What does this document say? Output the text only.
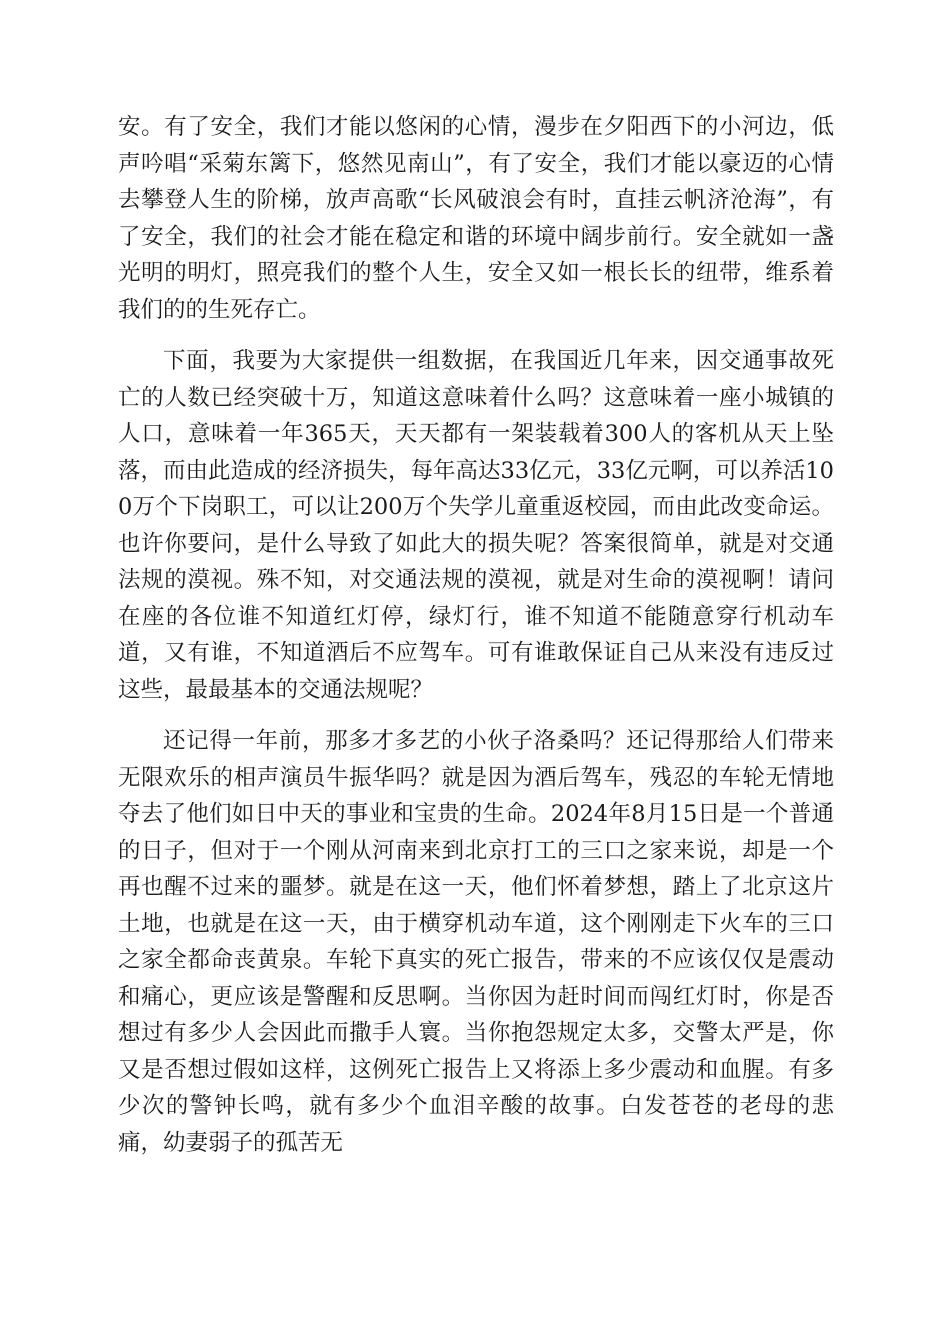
安。有了安全，我们才能以悠闲的心情，漫步在夕阳西下的小河边，低声吟唱“采菊东篱下，悠然见南山”，有了安全，我们才能以豪迈的心情去攀登人生的阶梯，放声高歌“长风破浪会有时，直挂云帆济沧海”，有了安全，我们的社会才能在稳定和谐的环境中阔步前行。安全就如一盏光明的明灯，照亮我们的整个人生，安全又如一根长长的纽带，维系着我们的的生死存亡。

下面，我要为大家提供一组数据，在我国近几年来，因交通事故死亡的人数已经突破十万，知道这意味着什么吗？这意味着一座小城镇的人口，意味着一年365天，天天都有一架装载着300人的客机从天上坠落，而由此造成的经济损失，每年高达33亿元，33亿元啊，可以养活100万个下岗职工，可以让200万个失学儿童重返校园，而由此改变命运。也许你要问，是什么导致了如此大的损失呢？答案很简单，就是对交通法规的漠视。殊不知，对交通法规的漠视，就是对生命的漠视啊！请问在座的各位谁不知道红灯停，绿灯行，谁不知道不能随意穿行机动车道，又有谁，不知道酒后不应驾车。可有谁敢保证自己从来没有违反过这些，最最基本的交通法规呢？

还记得一年前，那多才多艺的小伙子洛桑吗？还记得那给人们带来无限欢乐的相声演员牛振华吗？就是因为酒后驾车，残忍的车轮无情地夺去了他们如日中天的事业和宝贵的生命。2024年8月15日是一个普通的日子，但对于一个刚从河南来到北京打工的三口之家来说，却是一个再也醒不过来的噩梦。就是在这一天，他们怀着梦想，踏上了北京这片土地，也就是在这一天，由于横穿机动车道，这个刚刚走下火车的三口之家全都命丧黄泉。车轮下真实的死亡报告，带来的不应该仅仅是震动和痛心，更应该是警醒和反思啊。当你因为赶时间而闯红灯时，你是否想过有多少人会因此而撒手人寰。当你抱怨规定太多，交警太严是，你又是否想过假如这样，这例死亡报告上又将添上多少震动和血腥。有多少次的警钟长鸣，就有多少个血泪辛酸的故事。白发苍苍的老母的悲痛，幼妻弱子的孤苦无
